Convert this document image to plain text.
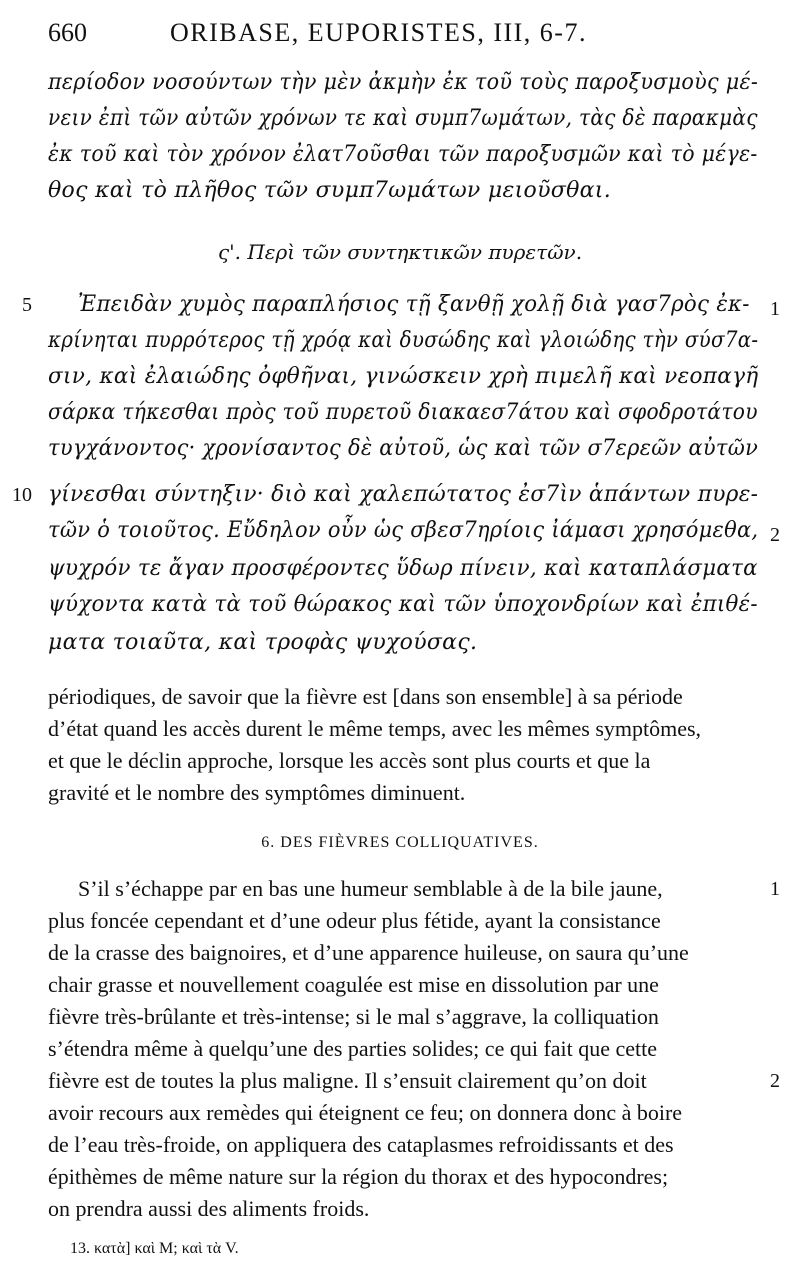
660	ORIBASE, EUPORISTES, III, 6-7.
περίοδον νοσούντων τὴν μὲν ἀκμὴν ἐκ τοῦ τοὺς παροξυσμοὺς μέ-
νειν ἐπὶ τῶν αὐτῶν χρόνων τε καὶ συμπ7ωμάτων, τὰς δὲ παρακμὰς
ἐκ τοῦ καὶ τὸν χρόνον ἐλατ7οῦσθαι τῶν παροξυσμῶν καὶ τὸ μέγε-
θος καὶ τὸ πλῆθος τῶν συμπ7ωμάτων μειοῦσθαι.
ς'. Περὶ τῶν συντηκτικῶν πυρετῶν.
5 Ἐπειδὰν χυμὸς παραπλήσιος τῇ ξανθῇ χολῇ διὰ γασ7ρὸς ἐκ- 1
κρίνηται πυρρότερος τῇ χρόᾳ καὶ δυσώδης καὶ γλοιώδης τὴν σύσ7α-
σιν, καὶ ἐλαιώδης ὀφθῆναι, γινώσκειν χρὴ πιμελῆ καὶ νεοπαγῆ
σάρκα τήκεσθαι πρὸς τοῦ πυρετοῦ διακαεσ7άτου καὶ σφοδροτάτου
τυγχάνοντος· χρονίσαντος δὲ αὐτοῦ, ὡς καὶ τῶν σ7ερεῶν αὐτῶν
10 γίνεσθαι σύντηξιν· διὸ καὶ χαλεπώτατος ἐσ7ὶν ἁπάντων πυρε-
τῶν ὁ τοιοῦτος. Εὔδηλον οὖν ὡς σβεσ7ηρίοις ἰάμασι χρησόμεθα, 2
ψυχρόν τε ἄγαν προσφέροντες ὕδωρ πίνειν, καὶ καταπλάσματα
ψύχοντα κατὰ τὰ τοῦ θώρακος καὶ τῶν ὑποχονδρίων καὶ ἐπιθέ-
ματα τοιαῦτα, καὶ τροφὰς ψυχούσας.
périodiques, de savoir que la fièvre est [dans son ensemble] à sa période
d’état quand les accès durent le même temps, avec les mêmes symptômes,
et que le déclin approche, lorsque les accès sont plus courts et que la
gravité et le nombre des symptômes diminuent.
6. DES FIÈVRES COLLIQUATIVES.
S’il s’échappe par en bas une humeur semblable à de la bile jaune,	1
plus foncée cependant et d’une odeur plus fétide, ayant la consistance
de la crasse des baignoires, et d’une apparence huileuse, on saura qu’une
chair grasse et nouvellement coagulée est mise en dissolution par une
fièvre très-brûlante et très-intense; si le mal s’aggrave, la colliquation
s’étendra même à quelqu’une des parties solides; ce qui fait que cette
fièvre est de toutes la plus maligne. Il s’ensuit clairement qu’on doit	2
avoir recours aux remèdes qui éteignent ce feu; on donnera donc à boire
de l’eau très-froide, on appliquera des cataplasmes refroidissants et des
épithèmes de même nature sur la région du thorax et des hypocondres;
on prendra aussi des aliments froids.
13. κατὰ] καὶ M; καὶ τὰ V.
